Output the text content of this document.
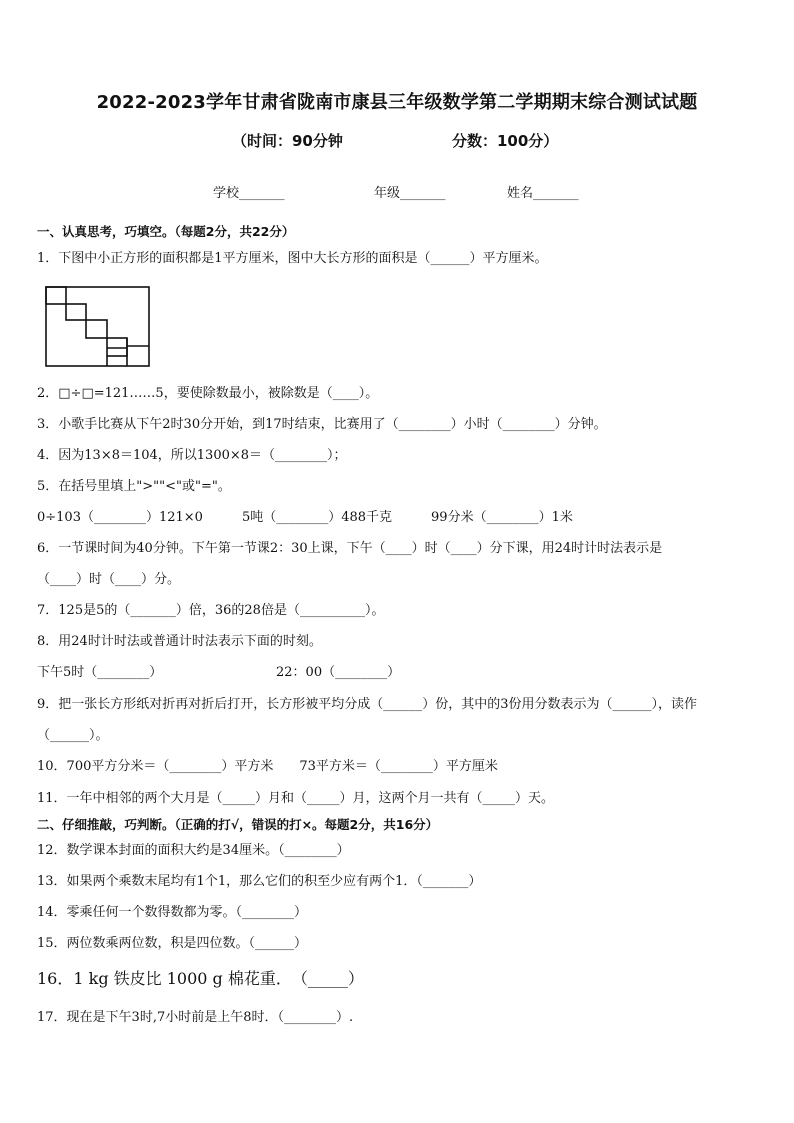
2022-2023学年甘肃省陇南市康县三年级数学第二学期期末综合测试试题
（时间：90分钟	分数：100分）
学校_______	年级_______	姓名_______
一、认真思考，巧填空。（每题2分，共22分）
1．下图中小正方形的面积都是1平方厘米，图中大长方形的面积是（______）平方厘米。
2．□÷□=121……5，要使除数最小，被除数是（____）。
3．小歌手比赛从下午2时30分开始，到17时结束，比赛用了（________）小时（________）分钟。
4．因为13×8＝104，所以1300×8＝（________）；
5．在括号里填上">""<"或"="。
0÷103（________）121×0　　　5吨（________）488千克　　　99分米（________）1米
6．一节课时间为40分钟。下午第一节课2：30上课，下午（____）时（____）分下课，用24时计时法表示是
（____）时（____）分。
7．125是5的（_______）倍，36的28倍是（__________）。
8．用24时计时法或普通计时法表示下面的时刻。
下午5时（________）	22：00（________）
9．把一张长方形纸对折再对折后打开，长方形被平均分成（______）份，其中的3份用分数表示为（______），读作
（______）。
10．700平方分米＝（________）平方米　　73平方米＝（________）平方厘米
11．一年中相邻的两个大月是（_____）月和（_____）月，这两个月一共有（_____）天。
二、仔细推敲，巧判断。（正确的打√，错误的打×。每题2分，共16分）
12．数学课本封面的面积大约是34厘米。（________）
13．如果两个乘数末尾均有1个1，那么它们的积至少应有两个1．（_______）
14．零乘任何一个数得数都为零。（________）
15．两位数乘两位数，积是四位数。（______）
16．1 kg 铁皮比 1000 g 棉花重．　（_____）
17．现在是下午3时,7小时前是上午8时．（________）.
